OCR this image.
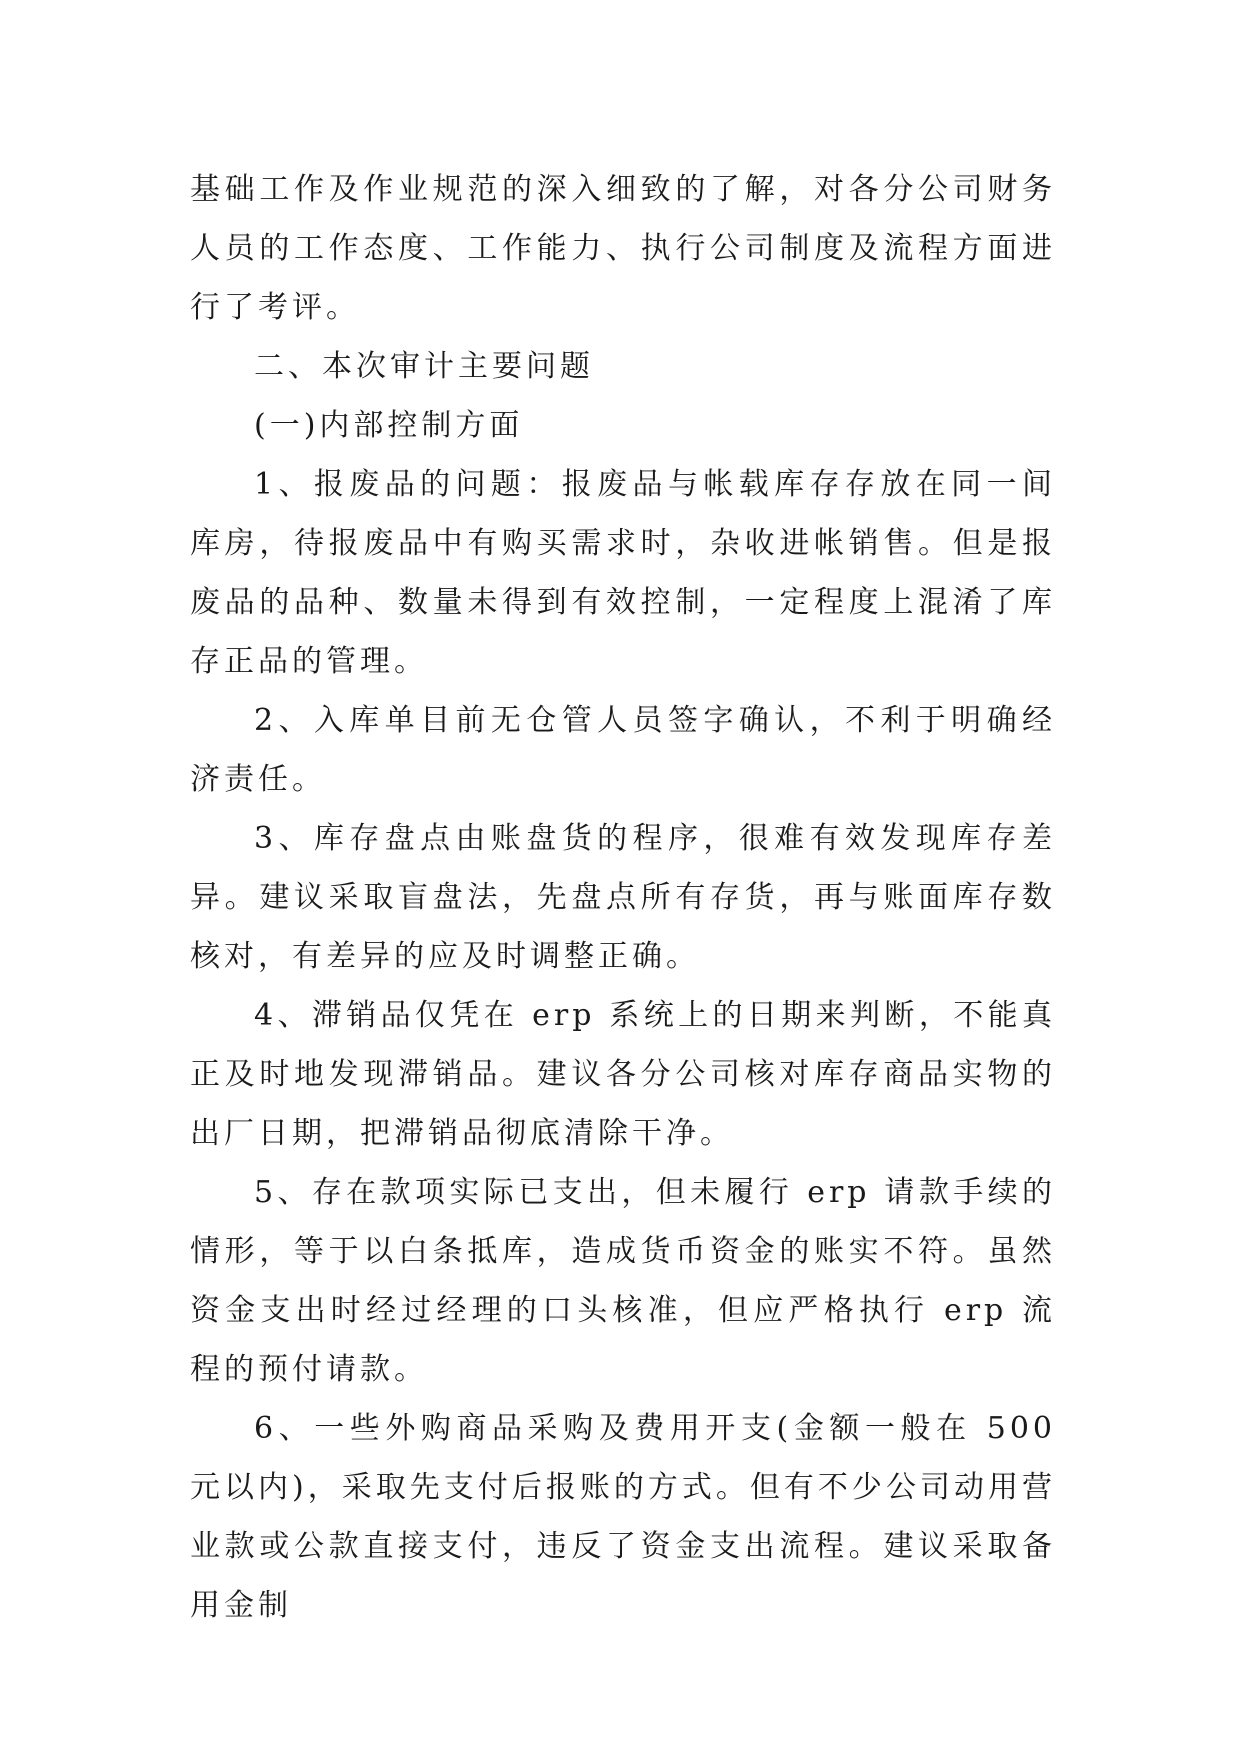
基础工作及作业规范的深入细致的了解，对各分公司财务人员的工作态度、工作能力、执行公司制度及流程方面进行了考评。

二、本次审计主要问题

(一)内部控制方面

1、报废品的问题：报废品与帐载库存存放在同一间库房，待报废品中有购买需求时，杂收进帐销售。但是报废品的品种、数量未得到有效控制，一定程度上混淆了库存正品的管理。

2、入库单目前无仓管人员签字确认，不利于明确经济责任。

3、库存盘点由账盘货的程序，很难有效发现库存差异。建议采取盲盘法，先盘点所有存货，再与账面库存数核对，有差异的应及时调整正确。

4、滞销品仅凭在 erp 系统上的日期来判断，不能真正及时地发现滞销品。建议各分公司核对库存商品实物的出厂日期，把滞销品彻底清除干净。

5、存在款项实际已支出，但未履行 erp 请款手续的情形，等于以白条抵库，造成货币资金的账实不符。虽然资金支出时经过经理的口头核准，但应严格执行 erp 流程的预付请款。

6、一些外购商品采购及费用开支(金额一般在 500 元以内)，采取先支付后报账的方式。但有不少公司动用营业款或公款直接支付，违反了资金支出流程。建议采取备用金制
